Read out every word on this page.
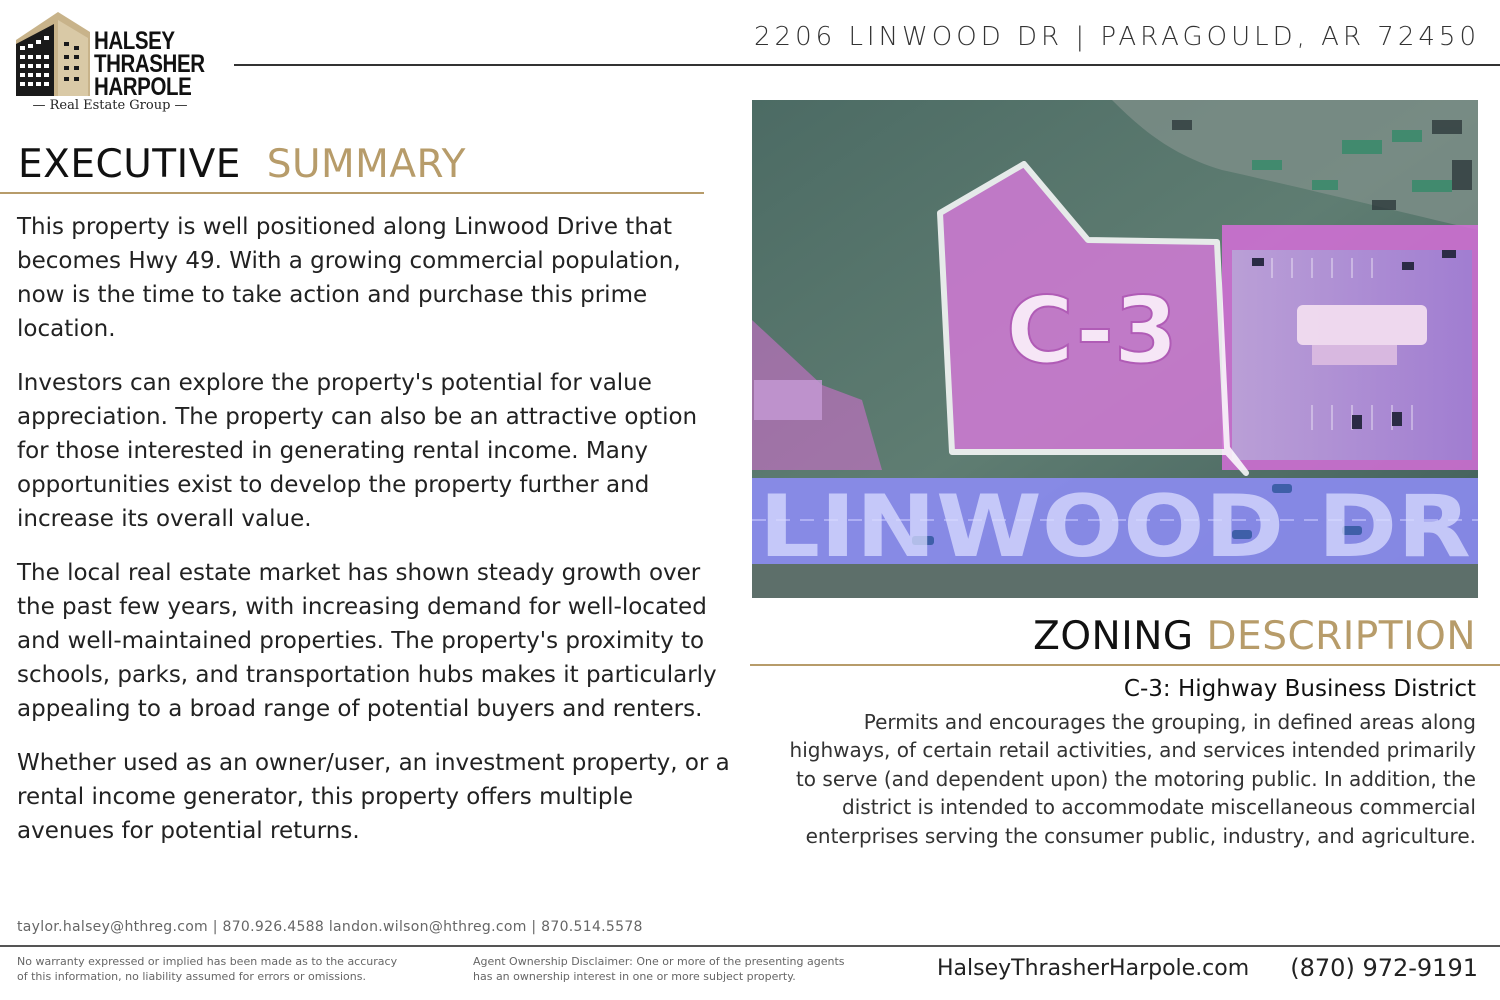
HALSEY
THRASHER
HARPOLE
— Real Estate Group —
2206 LINWOOD DR | PARAGOULD, AR 72450
EXECUTIVE SUMMARY

This property is well positioned along Linwood Drive that becomes Hwy 49. With a growing commercial population, now is the time to take action and purchase this prime location.

Investors can explore the property's potential for value appreciation. The property can also be an attractive option for those interested in generating rental income. Many opportunities exist to develop the property further and increase its overall value.

The local real estate market has shown steady growth over the past few years, with increasing demand for well-located and well-maintained properties. The property's proximity to schools, parks, and transportation hubs makes it particularly appealing to a broad range of potential buyers and renters.

Whether used as an owner/user, an investment property, or a rental income generator, this property offers multiple avenues for potential returns.

C-3
LINWOOD DR
ZONING DESCRIPTION
C-3: Highway Business District
Permits and encourages the grouping, in defined areas along highways, of certain retail activities, and services intended primarily to serve (and dependent upon) the motoring public. In addition, the district is intended to accommodate miscellaneous commercial enterprises serving the consumer public, industry, and agriculture.
taylor.halsey@hthreg.com | 870.926.4588 landon.wilson@hthreg.com | 870.514.5578
No warranty expressed or implied has been made as to the accuracy
of this information, no liability assumed for errors or omissions.
Agent Ownership Disclaimer: One or more of the presenting agents
has an ownership interest in one or more subject property.	HalseyThrasherHarpole.com (870) 972-9191
